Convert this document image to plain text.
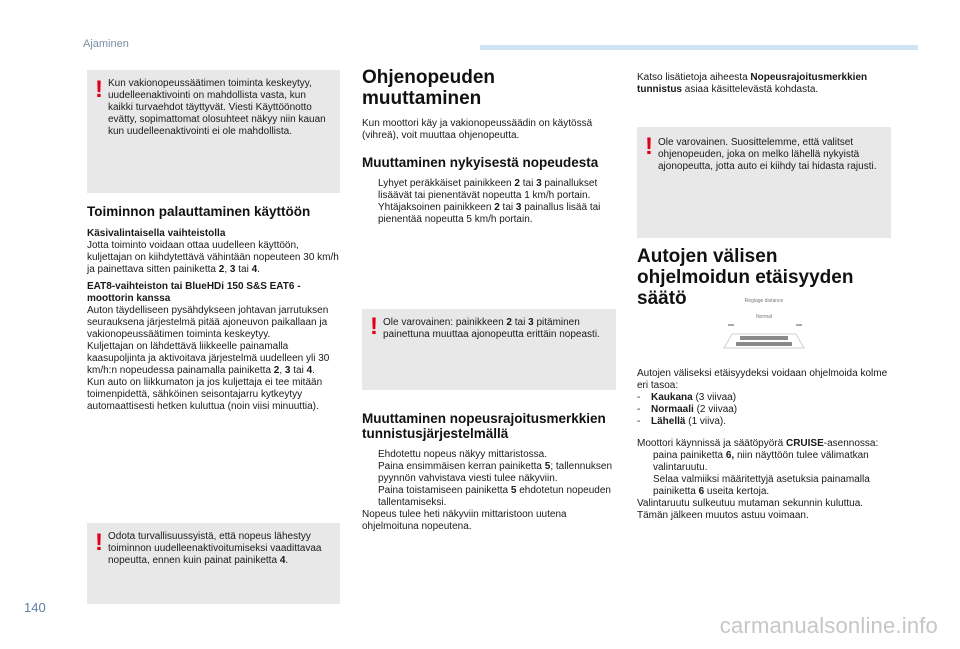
Ajaminen
! Kun vakionopeussäätimen toiminta keskeytyy, uudelleenaktivointi on mahdollista vasta, kun kaikki turvaehdot täyttyvät. Viesti Käyttöönotto evätty, sopimattomat olosuhteet näkyy niin kauan kun uudelleenaktivointi ei ole mahdollista.

Toiminnon palauttaminen käyttöön

Käsivalintaisella vaihteistolla

Jotta toiminto voidaan ottaa uudelleen käyttöön, kuljettajan on kiihdytettävä vähintään nopeuteen 30 km/h ja painettava sitten painiketta 2, 3 tai 4.

EAT8-vaihteiston tai BlueHDi 150 S&S EAT6 -moottorin kanssa

Auton täydelliseen pysähdykseen johtavan jarrutuksen seurauksena järjestelmä pitää ajoneuvon paikallaan ja vakionopeussäätimen toiminta keskeytyy.

Kuljettajan on lähdettävä liikkeelle painamalla kaasupoljinta ja aktivoitava järjestelmä uudelleen yli 30 km/h:n nopeudessa painamalla painiketta 2, 3 tai 4.

Kun auto on liikkumaton ja jos kuljettaja ei tee mitään toimenpidettä, sähköinen seisontajarru kytkeytyy automaattisesti hetken kuluttua (noin viisi minuuttia).

! Odota turvallisuussyistä, että nopeus lähestyy toiminnon uudelleenaktivoitumiseksi vaadittavaa nopeutta, ennen kuin painat painiketta 4.

Ohjenopeuden muuttaminen

Kun moottori käy ja vakionopeussäädin on käytössä (vihreä), voit muuttaa ohjenopeutta.

Muuttaminen nykyisestä nopeudesta
Lyhyet peräkkäiset painikkeen 2 tai 3 painallukset lisäävät tai pienentävät nopeutta 1 km/h portain.
Yhtäjaksoinen painikkeen 2 tai 3 painallus lisää tai pienentää nopeutta 5 km/h portain.
! Ole varovainen: painikkeen 2 tai 3 pitäminen painettuna muuttaa ajonopeutta erittäin nopeasti.

Muuttaminen nopeusrajoitusmerkkien tunnistusjärjestelmällä
Ehdotettu nopeus näkyy mittaristossa.
Paina ensimmäisen kerran painiketta 5; tallennuksen pyynnön vahvistava viesti tulee näkyviin.
Paina toistamiseen painiketta 5 ehdotetun nopeuden tallentamiseksi.

Nopeus tulee heti näkyviin mittaristoon uutena ohjelmoituna nopeutena.

Katso lisätietoja aiheesta Nopeusrajoitusmerkkien tunnistus asiaa käsittelevästä kohdasta.

! Ole varovainen. Suosittelemme, että valitset ohjenopeuden, joka on melko lähellä nykyistä ajonopeutta, jotta auto ei kiihdy tai hidasta rajusti.

Autojen välisen ohjelmoidun etäisyyden säätö	Réglage distance
Normal

Autojen väliseksi etäisyydeksi voidaan ohjelmoida kolme eri tasoa:

- Kaukana (3 viivaa)
- Normaali (2 viivaa)
- Lähellä (1 viiva).

Moottori käynnissä ja säätöpyörä CRUISE-asennossa:

paina painiketta 6, niin näyttöön tulee välimatkan valintaruutu.
Selaa valmiiksi määritettyjä asetuksia painamalla painiketta 6 useita kertoja.

Valintaruutu sulkeutuu mutaman sekunnin kuluttua.

Tämän jälkeen muutos astuu voimaan.

140
carmanualsonline.info
